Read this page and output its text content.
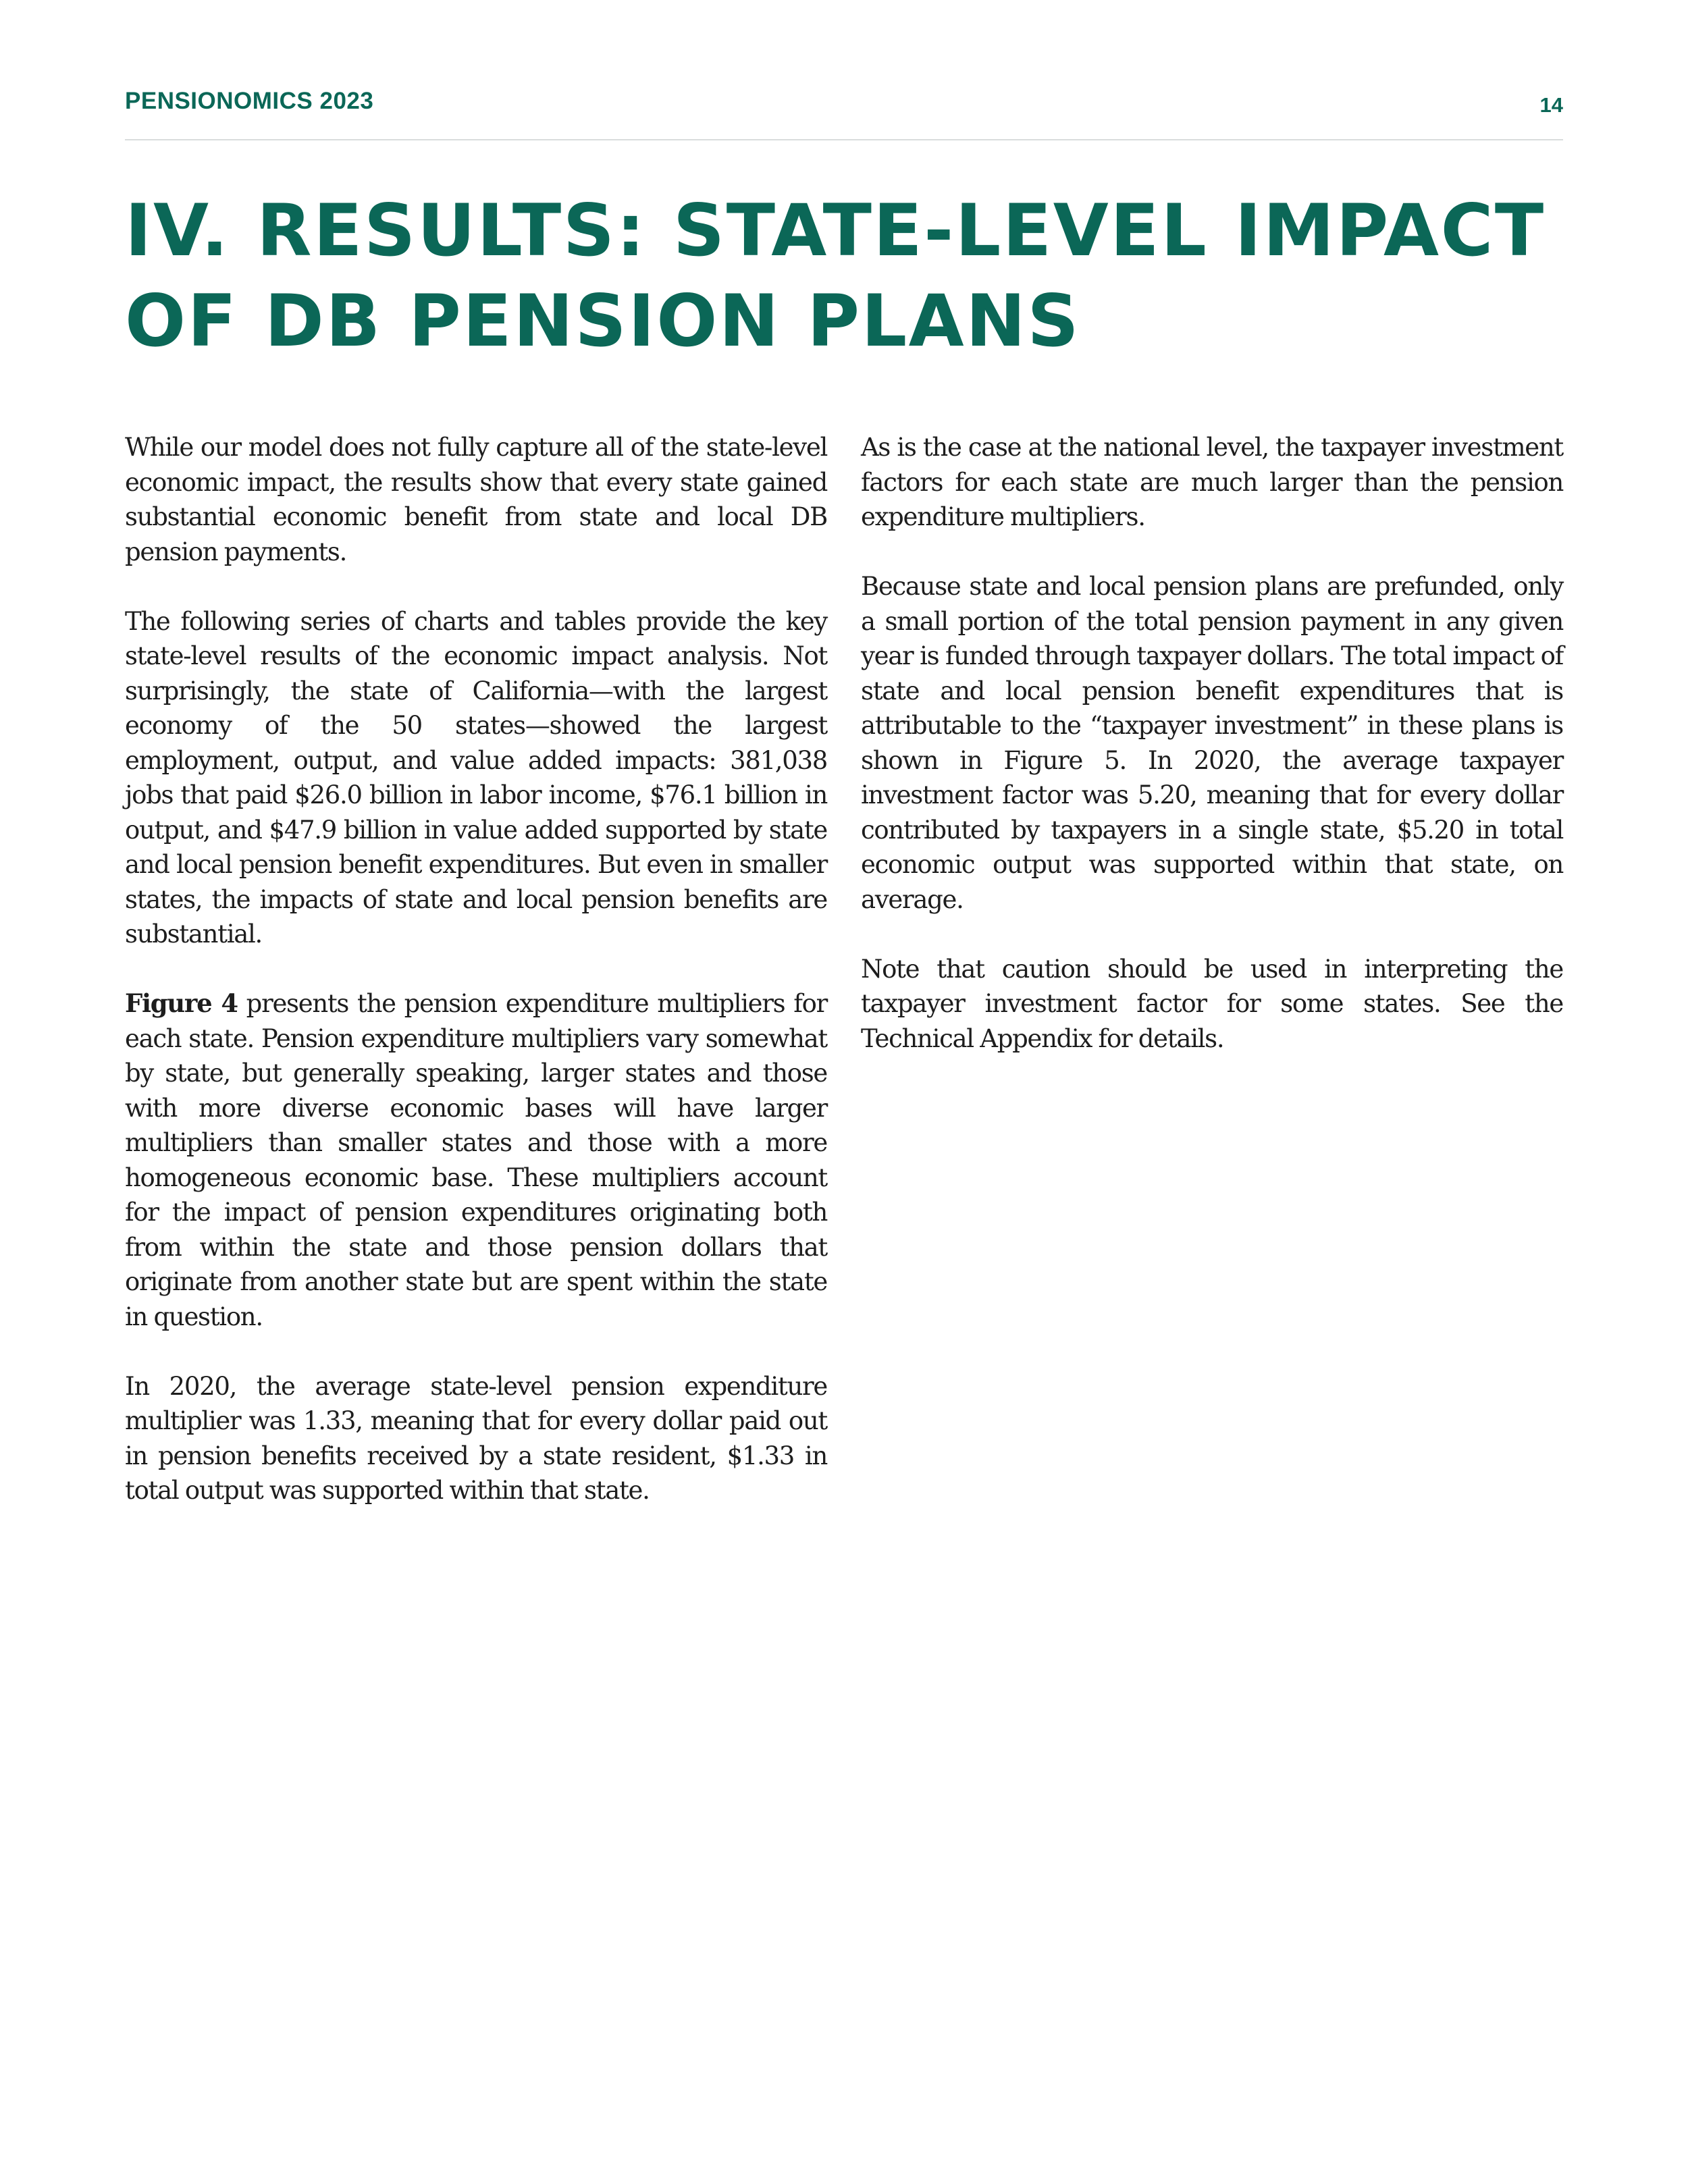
PENSIONOMICS 2023	14
IV. RESULTS: STATE-LEVEL IMPACT
OF DB PENSION PLANS

While our model does not fully capture all of the state-level economic impact, the results show that every state gained substantial economic benefit from state and local DB pension payments.

The following series of charts and tables provide the key state-level results of the economic impact analysis. Not surprisingly, the state of California—with the largest economy of the 50 states—showed the largest employment, output, and value added impacts: 381,038 jobs that paid $26.0 billion in labor income, $76.1 billion in output, and $47.9 billion in value added supported by state and local pension benefit expenditures. But even in smaller states, the impacts of state and local pension benefits are substantial.

Figure 4 presents the pension expenditure multipliers for each state. Pension expenditure multipliers vary somewhat by state, but generally speaking, larger states and those with more diverse economic bases will have larger multipliers than smaller states and those with a more homogeneous economic base. These multipliers account for the impact of pension expenditures originating both from within the state and those pension dollars that originate from another state but are spent within the state in question.

In 2020, the average state-level pension expenditure multiplier was 1.33, meaning that for every dollar paid out in pension benefits received by a state resident, $1.33 in total output was supported within that state.

As is the case at the national level, the taxpayer investment factors for each state are much larger than the pension expenditure multipliers.

Because state and local pension plans are prefunded, only a small portion of the total pension payment in any given year is funded through taxpayer dollars. The total impact of state and local pension benefit expenditures that is attributable to the “taxpayer investment” in these plans is shown in Figure 5. In 2020, the average taxpayer investment factor was 5.20, meaning that for every dollar contributed by taxpayers in a single state, $5.20 in total economic output was supported within that state, on average.

Note that caution should be used in interpreting the taxpayer investment factor for some states. See the Technical Appendix for details.
